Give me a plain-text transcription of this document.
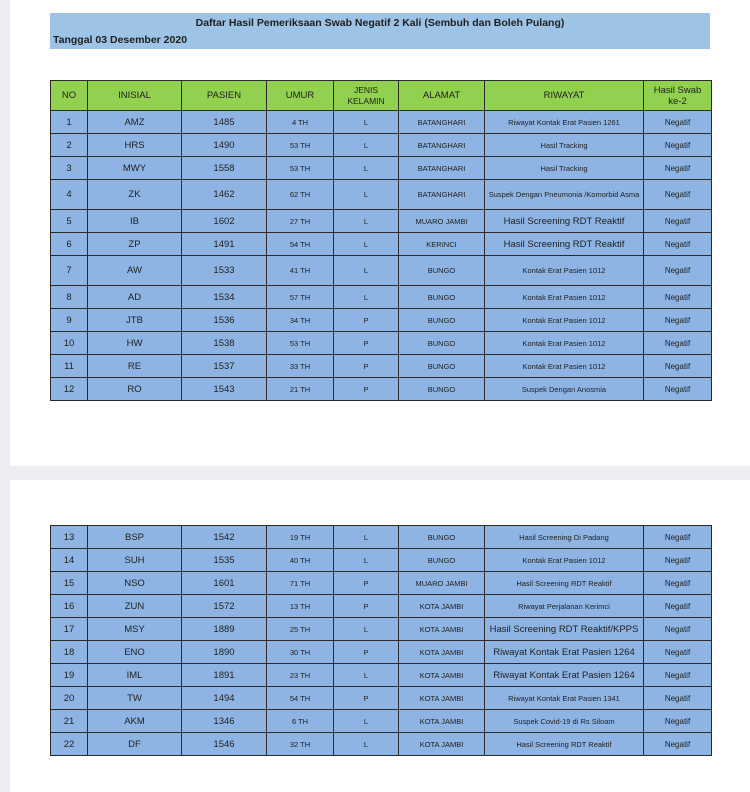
Daftar Hasil Pemeriksaan Swab Negatif 2 Kali (Sembuh dan Boleh Pulang)
Tanggal 03 Desember 2020
NO	INISIAL	PASIEN	UMUR	JENIS KELAMIN	ALAMAT	RIWAYAT	Hasil Swab ke-2
1	AMZ	1485	4 TH	L	BATANGHARI	Riwayat Kontak Erat Pasien 1261	Negatif
2	HRS	1490	53 TH	L	BATANGHARI	Hasil Tracking	Negatif
3	MWY	1558	53 TH	L	BATANGHARI	Hasil Tracking	Negatif
4	ZK	1462	62 TH	L	BATANGHARI	Suspek Dengan Pneumonia /Komorbid Asma	Negatif
5	IB	1602	27 TH	L	MUARO JAMBI	Hasil Screening RDT Reaktif	Negatif
6	ZP	1491	54 TH	L	KERINCI	Hasil Screening RDT Reaktif	Negatif
7	AW	1533	41 TH	L	BUNGO	Kontak Erat Pasien 1012	Negatif
8	AD	1534	57 TH	L	BUNGO	Kontak Erat Pasien 1012	Negatif
9	JTB	1536	34 TH	P	BUNGO	Kontak Erat Pasien 1012	Negatif
10	HW	1538	53 TH	P	BUNGO	Kontak Erat Pasien 1012	Negatif
11	RE	1537	33 TH	P	BUNGO	Kontak Erat Pasien 1012	Negatif
12	RO	1543	21 TH	P	BUNGO	Suspek Dengan Anosmia	Negatif
13	BSP	1542	19 TH	L	BUNGO	Hasil Screening Di Padang	Negatif
14	SUH	1535	40 TH	L	BUNGO	Kontak Erat Pasien 1012	Negatif
15	NSO	1601	71 TH	P	MUARO JAMBI	Hasil Screening RDT Reaktif	Negatif
16	ZUN	1572	13 TH	P	KOTA JAMBI	Riwayat Perjalanan Kerimci	Negatif
17	MSY	1889	25 TH	L	KOTA JAMBI	Hasil Screening RDT Reaktif/KPPS	Negatif
18	ENO	1890	30 TH	P	KOTA JAMBI	Riwayat Kontak Erat Pasien 1264	Negatif
19	IML	1891	23 TH	L	KOTA JAMBI	Riwayat Kontak Erat Pasien 1264	Negatif
20	TW	1494	54 TH	P	KOTA JAMBI	Riwayat Kontak Erat Pasien 1341	Negatif
21	AKM	1346	6 TH	L	KOTA JAMBI	Suspek Covid-19 di Rs Siloam	Negatif
22	DF	1546	32 TH	L	KOTA JAMBI	Hasil Screening RDT Reaktif	Negatif
